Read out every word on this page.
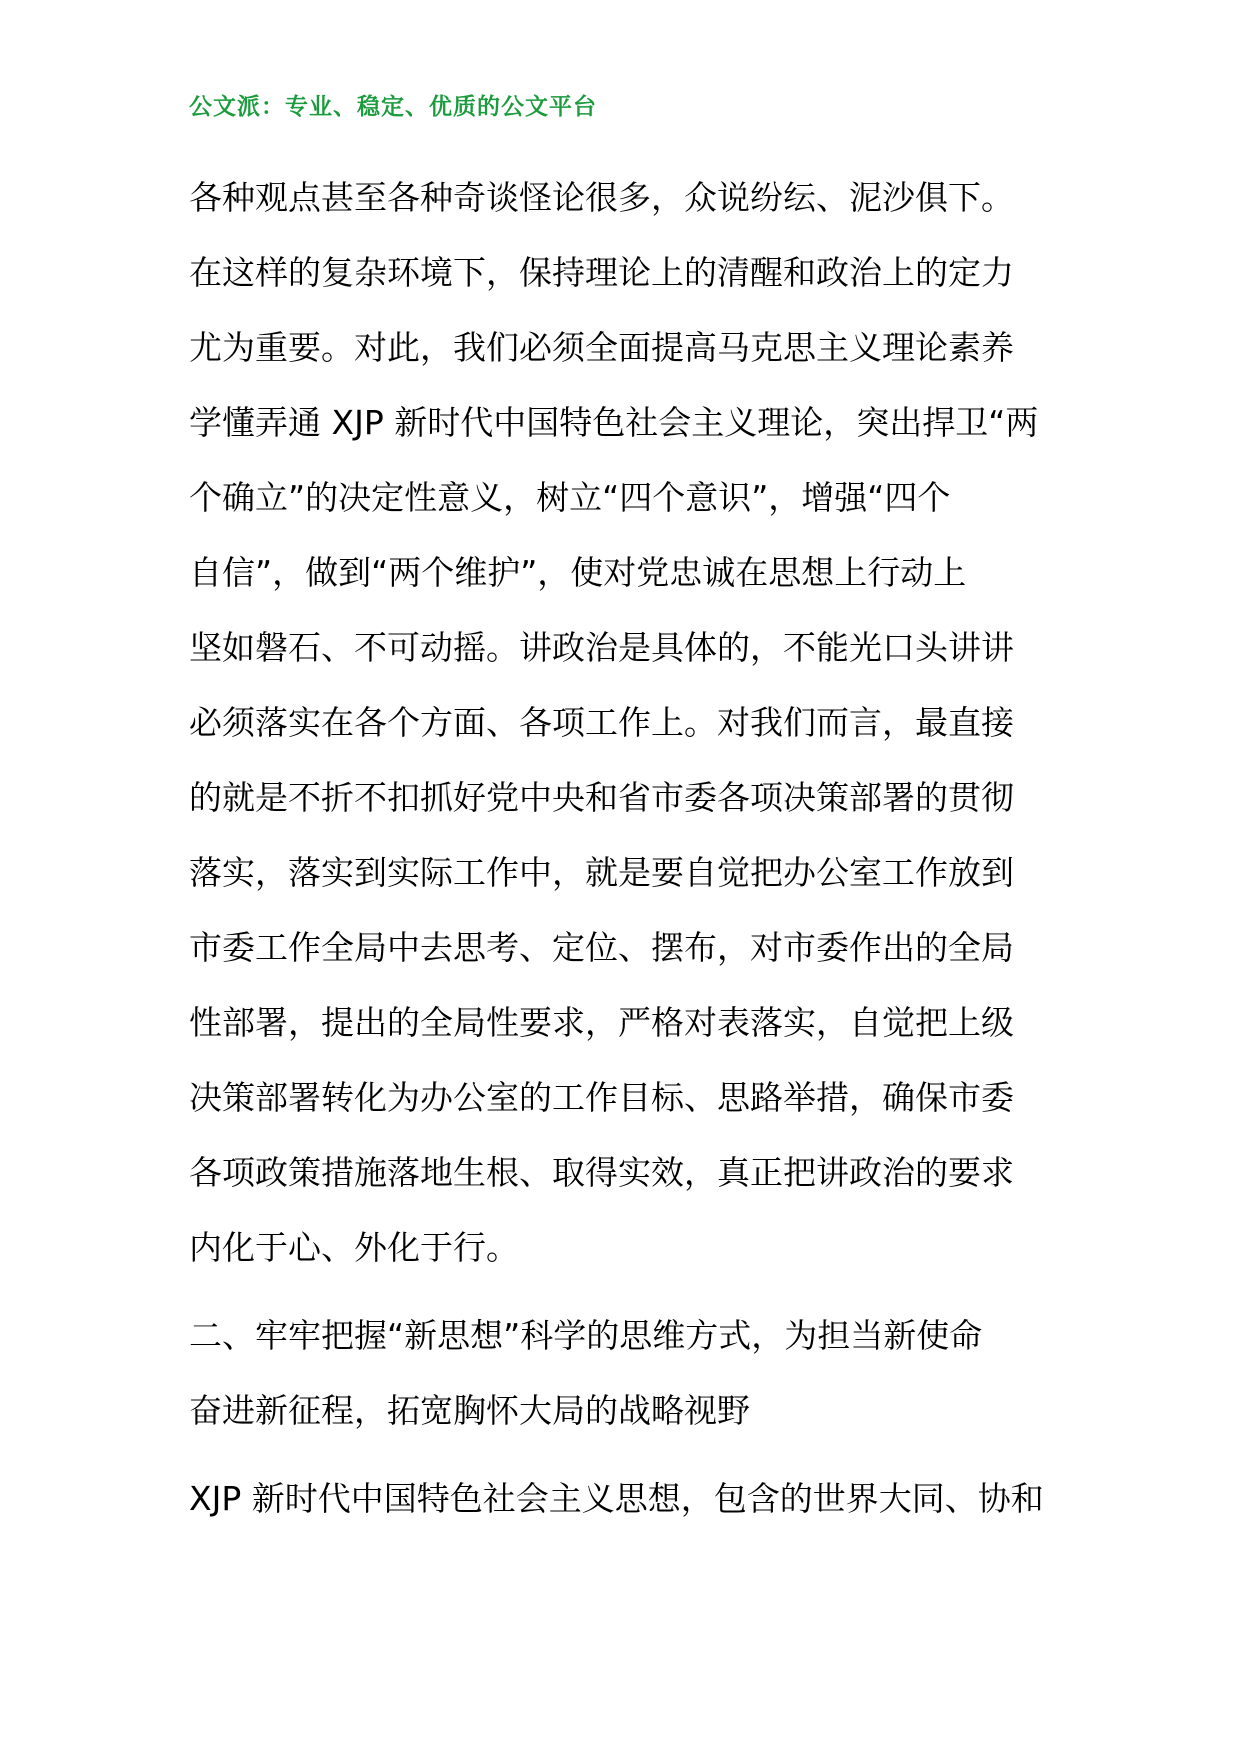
公文派：专业、稳定、优质的公文平台
各种观点甚至各种奇谈怪论很多，众说纷纭、泥沙俱下。
在这样的复杂环境下，保持理论上的清醒和政治上的定力
尤为重要。对此，我们必须全面提高马克思主义理论素养
学懂弄通 XJP 新时代中国特色社会主义理论，突出捍卫“两
个确立”的决定性意义，树立“四个意识”，增强“四个
自信”，做到“两个维护”，使对党忠诚在思想上行动上
坚如磐石、不可动摇。讲政治是具体的，不能光口头讲讲
必须落实在各个方面、各项工作上。对我们而言，最直接
的就是不折不扣抓好党中央和省市委各项决策部署的贯彻
落实，落实到实际工作中，就是要自觉把办公室工作放到
市委工作全局中去思考、定位、摆布，对市委作出的全局
性部署，提出的全局性要求，严格对表落实，自觉把上级
决策部署转化为办公室的工作目标、思路举措，确保市委
各项政策措施落地生根、取得实效，真正把讲政治的要求
内化于心、外化于行。
二、牢牢把握“新思想”科学的思维方式，为担当新使命
奋进新征程，拓宽胸怀大局的战略视野
XJP 新时代中国特色社会主义思想，包含的世界大同、协和
